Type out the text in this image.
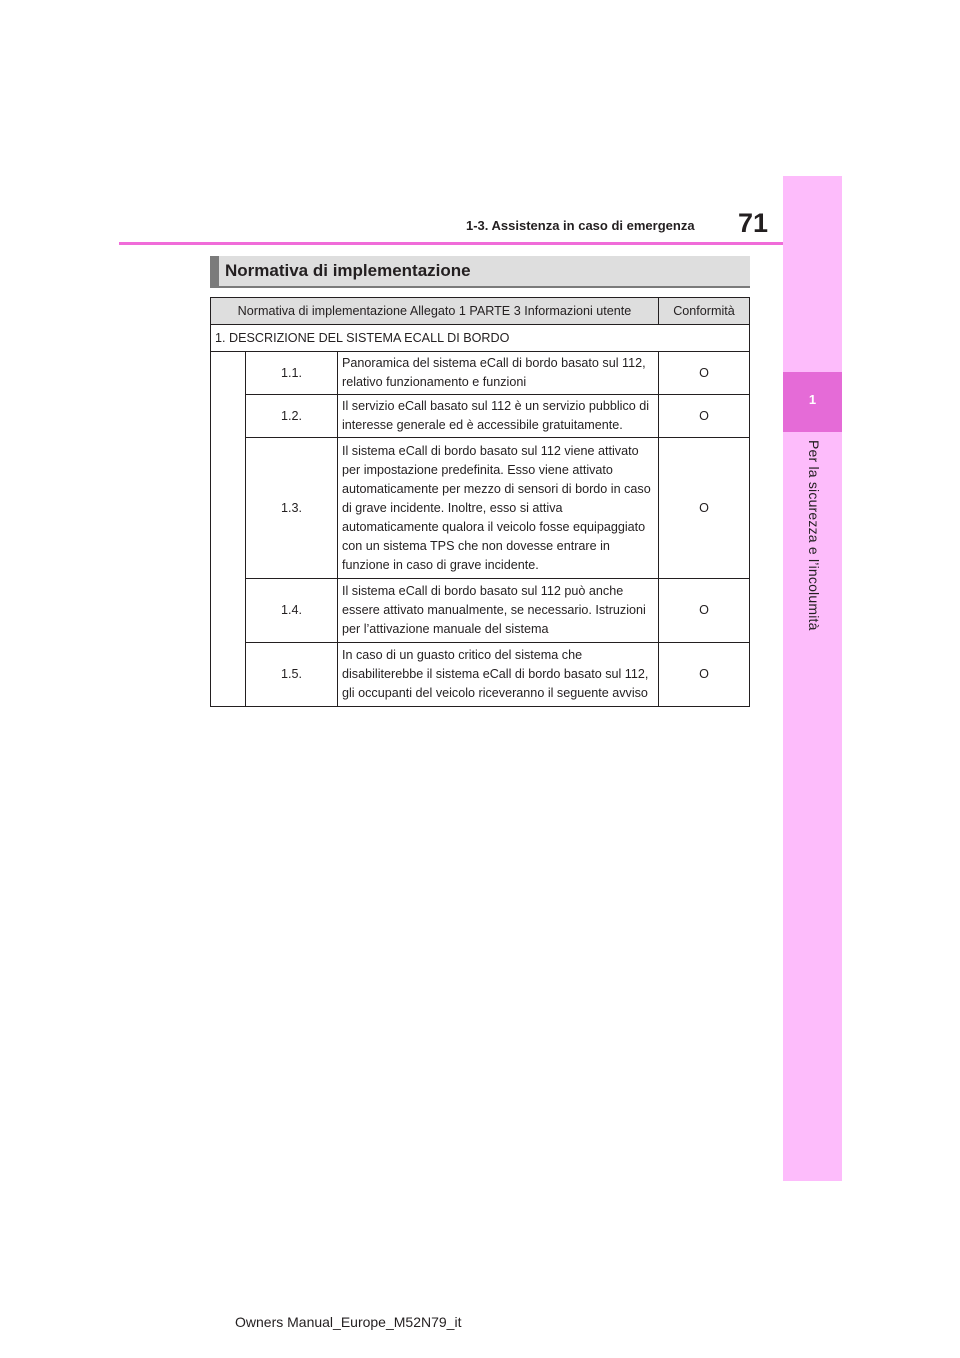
1
Per la sicurezza e l’incolumità
1-3. Assistenza in caso di emergenza 71
Normativa di implementazione
Normativa di implementazione Allegato 1 PARTE 3 Informazioni utente			Conformità
1. DESCRIZIONE DEL SISTEMA ECALL DI BORDO			
	1.1.	Panoramica del sistema eCall di bordo basato sul 112, relativo funzionamento e funzioni	O
	1.2.	Il servizio eCall basato sul 112 è un servizio pubblico di interesse generale ed è accessibile gratuitamente.	O
	1.3.	Il sistema eCall di bordo basato sul 112 viene attivato per impostazione predefinita. Esso viene attivato automaticamente per mezzo di sensori di bordo in caso di grave incidente. Inoltre, esso si attiva automaticamente qualora il veicolo fosse equipaggiato con un sistema TPS che non dovesse entrare in funzione in caso di grave incidente.	O
	1.4.	Il sistema eCall di bordo basato sul 112 può anche essere attivato manualmente, se necessario. Istruzioni per l’attivazione manuale del sistema	O
	1.5.	In caso di un guasto critico del sistema che disabiliterebbe il sistema eCall di bordo basato sul 112, gli occupanti del veicolo riceveranno il seguente avviso	O
Owners Manual_Europe_M52N79_it
